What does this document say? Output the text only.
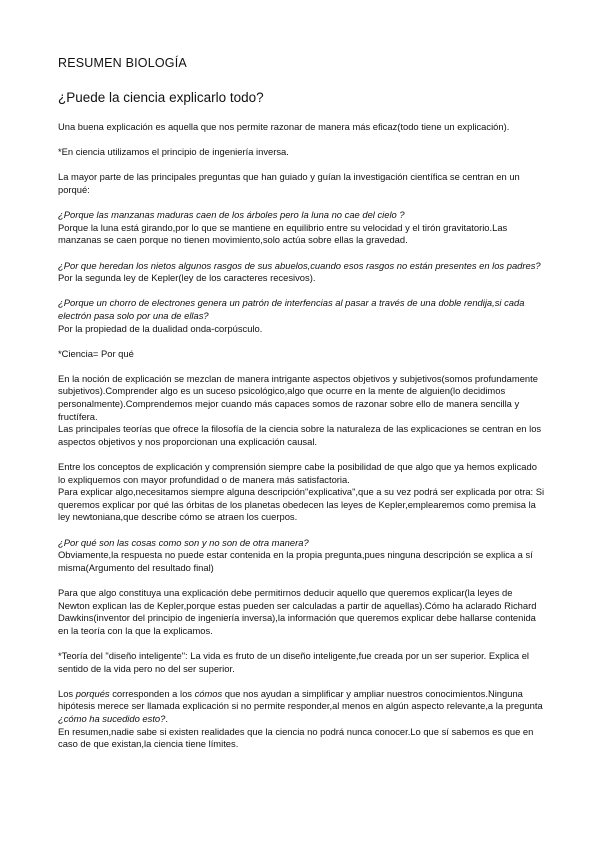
RESUMEN BIOLOGÍA
¿Puede la ciencia explicarlo todo?

Una buena explicación es aquella que nos permite razonar de manera más eficaz(todo tiene un explicación).

*En ciencia utilizamos el principio de ingeniería inversa.

La mayor parte de las principales preguntas que han guiado y guían la investigación científica se centran en un porqué:

¿Porque las manzanas maduras caen de los árboles pero la luna no cae del cielo ?

Porque la luna está girando,por lo que se mantiene en equilibrio entre su velocidad y el tirón gravitatorio.Las manzanas se caen porque no tienen movimiento,solo actúa sobre ellas la gravedad.

¿Por que heredan los nietos algunos rasgos de sus abuelos,cuando esos rasgos no están presentes en los padres?

Por la segunda ley de Kepler(ley de los caracteres recesivos).

¿Porque un chorro de electrones genera un patrón de interfencias al pasar a través de una doble rendija,si cada electrón pasa solo por una de ellas?

Por la propiedad de la dualidad onda-corpúsculo.

*Ciencia= Por qué

En la noción de explicación se mezclan de manera intrigante aspectos objetivos y subjetivos(somos profundamente subjetivos).Comprender algo es un suceso psicológico,algo que ocurre en la mente de alguien(lo decidimos personalmente).Comprendemos mejor cuando más capaces somos de razonar sobre ello de manera sencilla y fructífera.

Las principales teorías que ofrece la filosofía de la ciencia sobre la naturaleza de las explicaciones se centran en los aspectos objetivos y nos proporcionan una explicación causal.

Entre los conceptos de explicación y comprensión siempre cabe la posibilidad de que algo que ya hemos explicado lo expliquemos con mayor profundidad o de manera más satisfactoria.

Para explicar algo,necesitamos siempre alguna descripción"explicativa",que a su vez podrá ser explicada por otra: Si queremos explicar por qué las órbitas de los planetas obedecen las leyes de Kepler,emplearemos como premisa la ley newtoniana,que describe cómo se atraen los cuerpos.

¿Por qué son las cosas como son y no son de otra manera?

Obviamente,la respuesta no puede estar contenida en la propia pregunta,pues ninguna descripción se explica a sí misma(Argumento del resultado final)

Para que algo constituya una explicación debe permitirnos deducir aquello que queremos explicar(la leyes de Newton explican las de Kepler,porque estas pueden ser calculadas a partir de aquellas).Cómo ha aclarado Richard Dawkins(inventor del principio de ingeniería inversa),la información que queremos explicar debe hallarse contenida en la teoría con la que la explicamos.

*Teoría del "diseño inteligente": La vida es fruto de un diseño inteligente,fue creada por un ser superior. Explica el sentido de la vida pero no del ser superior.

Los porqués corresponden a los cómos que nos ayudan a simplificar y ampliar nuestros conocimientos.Ninguna hipótesis merece ser llamada explicación si no permite responder,al menos en algún aspecto relevante,a la pregunta ¿cómo ha sucedido esto?.

En resumen,nadie sabe si existen realidades que la ciencia no podrá nunca conocer.Lo que sí sabemos es que en caso de que existan,la ciencia tiene límites.
